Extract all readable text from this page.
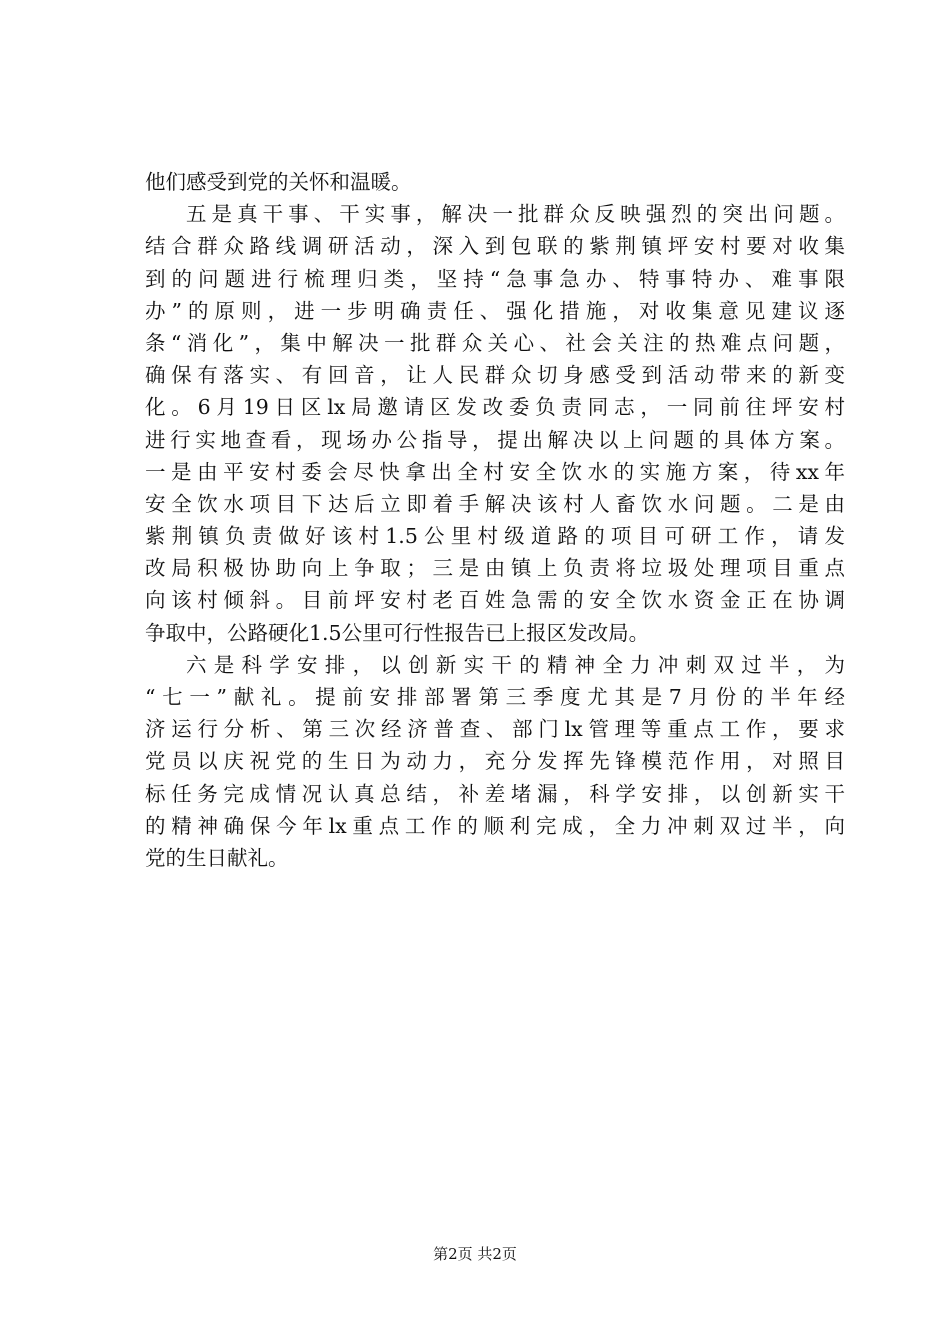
他们感受到党的关怀和温暖。
五是真干事、干实事，解决一批群众反映强烈的突出问题。
结合群众路线调研活动，深入到包联的紫荆镇坪安村要对收集
到的问题进行梳理归类，坚持“急事急办、特事特办、难事限
办”的原则，进一步明确责任、强化措施，对收集意见建议逐
条“消化”，集中解决一批群众关心、社会关注的热难点问题，
确保有落实、有回音，让人民群众切身感受到活动带来的新变
化。6月19日区lx局邀请区发改委负责同志，一同前往坪安村
进行实地查看，现场办公指导，提出解决以上问题的具体方案。
一是由平安村委会尽快拿出全村安全饮水的实施方案，待xx年
安全饮水项目下达后立即着手解决该村人畜饮水问题。二是由
紫荆镇负责做好该村1.5公里村级道路的项目可研工作，请发
改局积极协助向上争取；三是由镇上负责将垃圾处理项目重点
向该村倾斜。目前坪安村老百姓急需的安全饮水资金正在协调
争取中，公路硬化1.5公里可行性报告已上报区发改局。
六是科学安排，以创新实干的精神全力冲刺双过半，为
“七一”献礼。提前安排部署第三季度尤其是7月份的半年经
济运行分析、第三次经济普查、部门lx管理等重点工作，要求
党员以庆祝党的生日为动力，充分发挥先锋模范作用，对照目
标任务完成情况认真总结，补差堵漏，科学安排，以创新实干
的精神确保今年lx重点工作的顺利完成，全力冲刺双过半，向
党的生日献礼。
第2页 共2页
